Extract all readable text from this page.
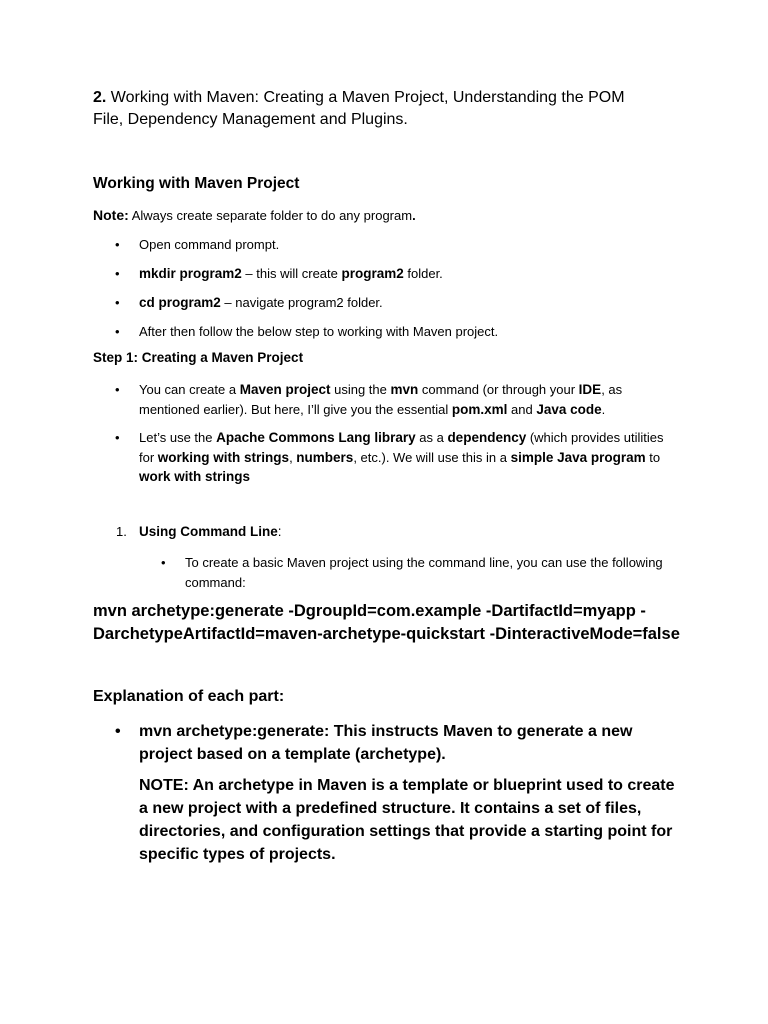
2. Working with Maven: Creating a Maven Project, Understanding the POM
File, Dependency Management and Plugins.
Working with Maven Project
Note: Always create separate folder to do any program.
• Open command prompt.
• mkdir program2 – this will create program2 folder.
• cd program2 – navigate program2 folder.
• After then follow the below step to working with Maven project.
Step 1: Creating a Maven Project
• You can create a Maven project using the mvn command (or through your IDE, as mentioned earlier). But here, I’ll give you the essential pom.xml and Java code.
• Let’s use the Apache Commons Lang library as a dependency (which provides utilities for working with strings, numbers, etc.). We will use this in a simple Java program to work with strings
1. Using Command Line:
• To create a basic Maven project using the command line, you can use the following command:
mvn archetype:generate -DgroupId=com.example -DartifactId=myapp -
DarchetypeArtifactId=maven-archetype-quickstart -DinteractiveMode=false
Explanation of each part:
• mvn archetype:generate: This instructs Maven to generate a new project based on a template (archetype).
NOTE: An archetype in Maven is a template or blueprint used to create a new project with a predefined structure. It contains a set of files, directories, and configuration settings that provide a starting point for specific types of projects.
